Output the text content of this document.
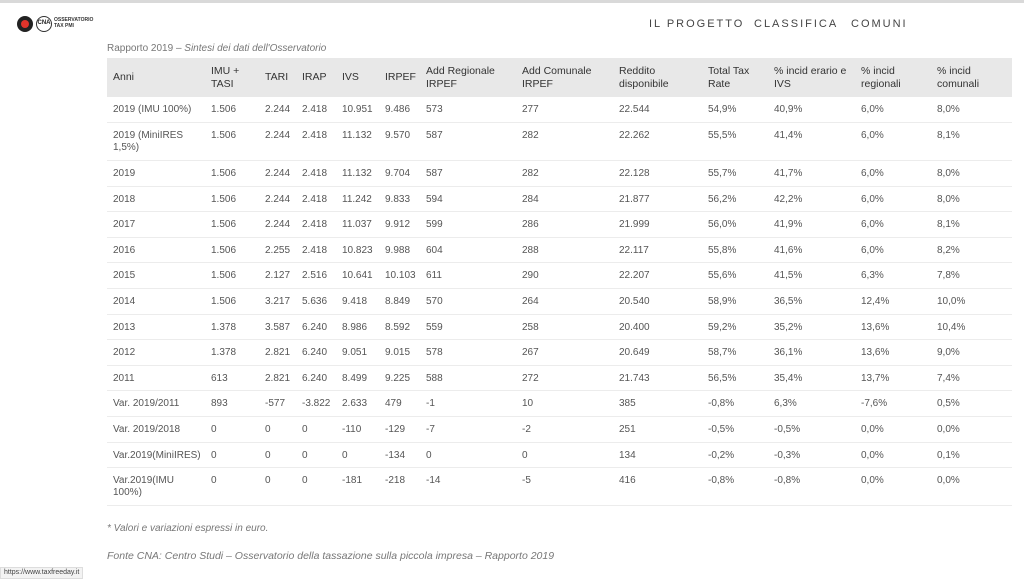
CNA OSSERVATORIO TAX PMI	IL PROGETTO CLASSIFICA COMUNI
Rapporto 2019 – Sintesi dei dati dell'Osservatorio
Anni	IMU + TASI	TARI	IRAP	IVS	IRPEF	Add Regionale IRPEF	Add Comunale IRPEF	Reddito disponibile	Total Tax Rate	% incid erario e IVS	% incid regionali	% incid comunali
2019 (IMU 100%)	1.506	2.244	2.418	10.951	9.486	573	277	22.544	54,9%	40,9%	6,0%	8,0%
2019 (MiniIRES 1,5%)	1.506	2.244	2.418	11.132	9.570	587	282	22.262	55,5%	41,4%	6,0%	8,1%
2019	1.506	2.244	2.418	11.132	9.704	587	282	22.128	55,7%	41,7%	6,0%	8,0%
2018	1.506	2.244	2.418	11.242	9.833	594	284	21.877	56,2%	42,2%	6,0%	8,0%
2017	1.506	2.244	2.418	11.037	9.912	599	286	21.999	56,0%	41,9%	6,0%	8,1%
2016	1.506	2.255	2.418	10.823	9.988	604	288	22.117	55,8%	41,6%	6,0%	8,2%
2015	1.506	2.127	2.516	10.641	10.103	611	290	22.207	55,6%	41,5%	6,3%	7,8%
2014	1.506	3.217	5.636	9.418	8.849	570	264	20.540	58,9%	36,5%	12,4%	10,0%
2013	1.378	3.587	6.240	8.986	8.592	559	258	20.400	59,2%	35,2%	13,6%	10,4%
2012	1.378	2.821	6.240	9.051	9.015	578	267	20.649	58,7%	36,1%	13,6%	9,0%
2011	613	2.821	6.240	8.499	9.225	588	272	21.743	56,5%	35,4%	13,7%	7,4%
Var. 2019/2011	893	-577	-3.822	2.633	479	-1	10	385	-0,8%	6,3%	-7,6%	0,5%
Var. 2019/2018	0	0	0	-110	-129	-7	-2	251	-0,5%	-0,5%	0,0%	0,0%
Var.2019(MiniIRES)	0	0	0	0	-134	0	0	134	-0,2%	-0,3%	0,0%	0,1%
Var.2019(IMU 100%)	0	0	0	-181	-218	-14	-5	416	-0,8%	-0,8%	0,0%	0,0%
* Valori e variazioni espressi in euro.
Fonte CNA: Centro Studi – Osservatorio della tassazione sulla piccola impresa – Rapporto 2019
https://www.taxfreeday.it
